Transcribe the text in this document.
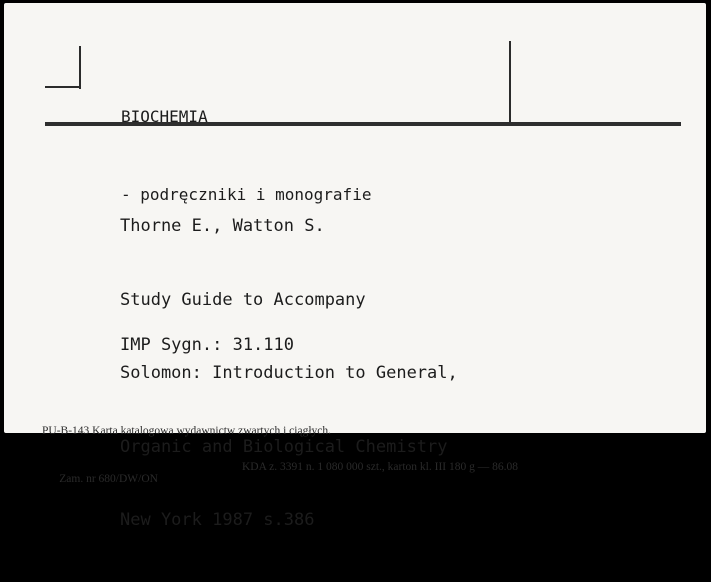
BIOCHEMIA

- podręczniki i monografie

Thorne E., Watton S.

Study Guide to Accompany

Solomon: Introduction to General,

Organic and Biological Chemistry

New York 1987 s.386

IMP Sygn.: 31.110

PU-B-143 Karta katalogowa wydawnictw zwartych i ciągłych.

Zam. nr 680/DW/ON

KDA z. 3391 n. 1 080 000 szt., karton kl. III 180 g — 86.08
